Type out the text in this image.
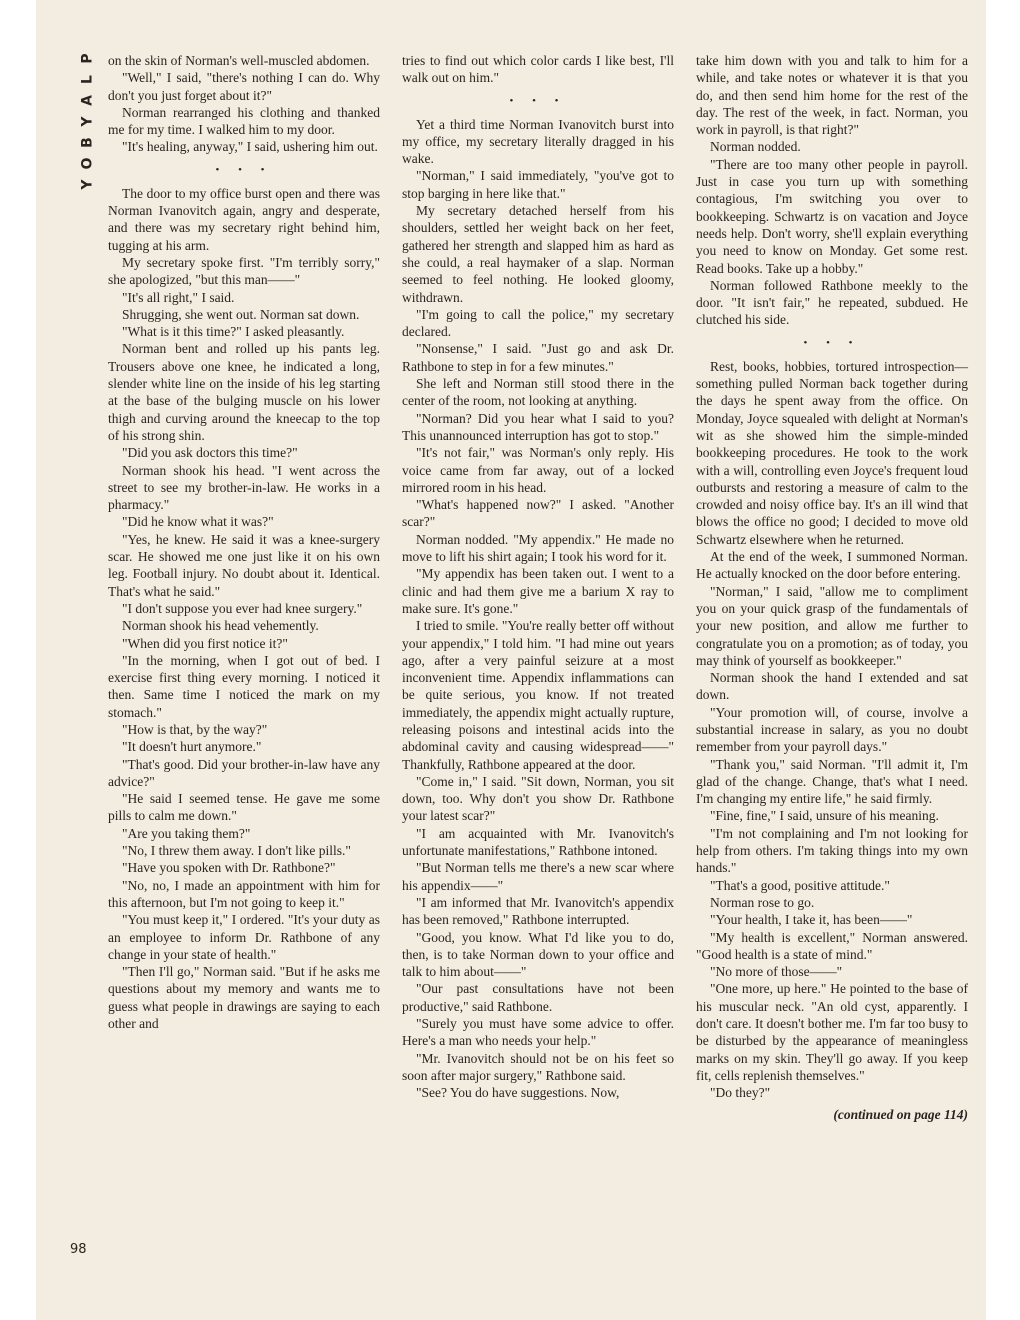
P
L
A
Y
B
O
Y

on the skin of Norman's well-muscled abdomen.

"Well," I said, "there's nothing I can do. Why don't you just forget about it?"

Norman rearranged his clothing and thanked me for my time. I walked him to my door.

"It's healing, anyway," I said, ushering him out.

• • •

The door to my office burst open and there was Norman Ivanovitch again, angry and desperate, and there was my secretary right behind him, tugging at his arm.

My secretary spoke first. "I'm terribly sorry," she apologized, "but this man——"

"It's all right," I said.

Shrugging, she went out. Norman sat down.

"What is it this time?" I asked pleasantly.

Norman bent and rolled up his pants leg. Trousers above one knee, he indicated a long, slender white line on the inside of his leg starting at the base of the bulging muscle on his lower thigh and curving around the kneecap to the top of his strong shin.

"Did you ask doctors this time?"

Norman shook his head. "I went across the street to see my brother-in-law. He works in a pharmacy."

"Did he know what it was?"

"Yes, he knew. He said it was a knee-surgery scar. He showed me one just like it on his own leg. Football injury. No doubt about it. Identical. That's what he said."

"I don't suppose you ever had knee surgery."

Norman shook his head vehemently.

"When did you first notice it?"

"In the morning, when I got out of bed. I exercise first thing every morning. I noticed it then. Same time I noticed the mark on my stomach."

"How is that, by the way?"

"It doesn't hurt anymore."

"That's good. Did your brother-in-law have any advice?"

"He said I seemed tense. He gave me some pills to calm me down."

"Are you taking them?"

"No, I threw them away. I don't like pills."

"Have you spoken with Dr. Rathbone?"

"No, no, I made an appointment with him for this afternoon, but I'm not going to keep it."

"You must keep it," I ordered. "It's your duty as an employee to inform Dr. Rathbone of any change in your state of health."

"Then I'll go," Norman said. "But if he asks me questions about my memory and wants me to guess what people in drawings are saying to each other and

tries to find out which color cards I like best, I'll walk out on him."

• • •

Yet a third time Norman Ivanovitch burst into my office, my secretary literally dragged in his wake.

"Norman," I said immediately, "you've got to stop barging in here like that."

My secretary detached herself from his shoulders, settled her weight back on her feet, gathered her strength and slapped him as hard as she could, a real haymaker of a slap. Norman seemed to feel nothing. He looked gloomy, withdrawn.

"I'm going to call the police," my secretary declared.

"Nonsense," I said. "Just go and ask Dr. Rathbone to step in for a few minutes."

She left and Norman still stood there in the center of the room, not looking at anything.

"Norman? Did you hear what I said to you? This unannounced interruption has got to stop."

"It's not fair," was Norman's only reply. His voice came from far away, out of a locked mirrored room in his head.

"What's happened now?" I asked. "Another scar?"

Norman nodded. "My appendix." He made no move to lift his shirt again; I took his word for it.

"My appendix has been taken out. I went to a clinic and had them give me a barium X ray to make sure. It's gone."

I tried to smile. "You're really better off without your appendix," I told him. "I had mine out years ago, after a very painful seizure at a most inconvenient time. Appendix inflammations can be quite serious, you know. If not treated immediately, the appendix might actually rupture, releasing poisons and intestinal acids into the abdominal cavity and causing widespread——" Thankfully, Rathbone appeared at the door.

"Come in," I said. "Sit down, Norman, you sit down, too. Why don't you show Dr. Rathbone your latest scar?"

"I am acquainted with Mr. Ivanovitch's unfortunate manifestations," Rathbone intoned.

"But Norman tells me there's a new scar where his appendix——"

"I am informed that Mr. Ivanovitch's appendix has been removed," Rathbone interrupted.

"Good, you know. What I'd like you to do, then, is to take Norman down to your office and talk to him about——"

"Our past consultations have not been productive," said Rathbone.

"Surely you must have some advice to offer. Here's a man who needs your help."

"Mr. Ivanovitch should not be on his feet so soon after major surgery," Rathbone said.

"See? You do have suggestions. Now,

take him down with you and talk to him for a while, and take notes or whatever it is that you do, and then send him home for the rest of the day. The rest of the week, in fact. Norman, you work in payroll, is that right?"

Norman nodded.

"There are too many other people in payroll. Just in case you turn up with something contagious, I'm switching you over to bookkeeping. Schwartz is on vacation and Joyce needs help. Don't worry, she'll explain everything you need to know on Monday. Get some rest. Read books. Take up a hobby."

Norman followed Rathbone meekly to the door. "It isn't fair," he repeated, subdued. He clutched his side.

• • •

Rest, books, hobbies, tortured introspection—something pulled Norman back together during the days he spent away from the office. On Monday, Joyce squealed with delight at Norman's wit as she showed him the simple-minded bookkeeping procedures. He took to the work with a will, controlling even Joyce's frequent loud outbursts and restoring a measure of calm to the crowded and noisy office bay. It's an ill wind that blows the office no good; I decided to move old Schwartz elsewhere when he returned.

At the end of the week, I summoned Norman. He actually knocked on the door before entering.

"Norman," I said, "allow me to compliment you on your quick grasp of the fundamentals of your new position, and allow me further to congratulate you on a promotion; as of today, you may think of yourself as bookkeeper."

Norman shook the hand I extended and sat down.

"Your promotion will, of course, involve a substantial increase in salary, as you no doubt remember from your payroll days."

"Thank you," said Norman. "I'll admit it, I'm glad of the change. Change, that's what I need. I'm changing my entire life," he said firmly.

"Fine, fine," I said, unsure of his meaning.

"I'm not complaining and I'm not looking for help from others. I'm taking things into my own hands."

"That's a good, positive attitude."

Norman rose to go.

"Your health, I take it, has been——"

"My health is excellent," Norman answered. "Good health is a state of mind."

"No more of those——"

"One more, up here." He pointed to the base of his muscular neck. "An old cyst, apparently. I don't care. It doesn't bother me. I'm far too busy to be disturbed by the appearance of meaningless marks on my skin. They'll go away. If you keep fit, cells replenish themselves."

"Do they?"

(continued on page 114)
98
